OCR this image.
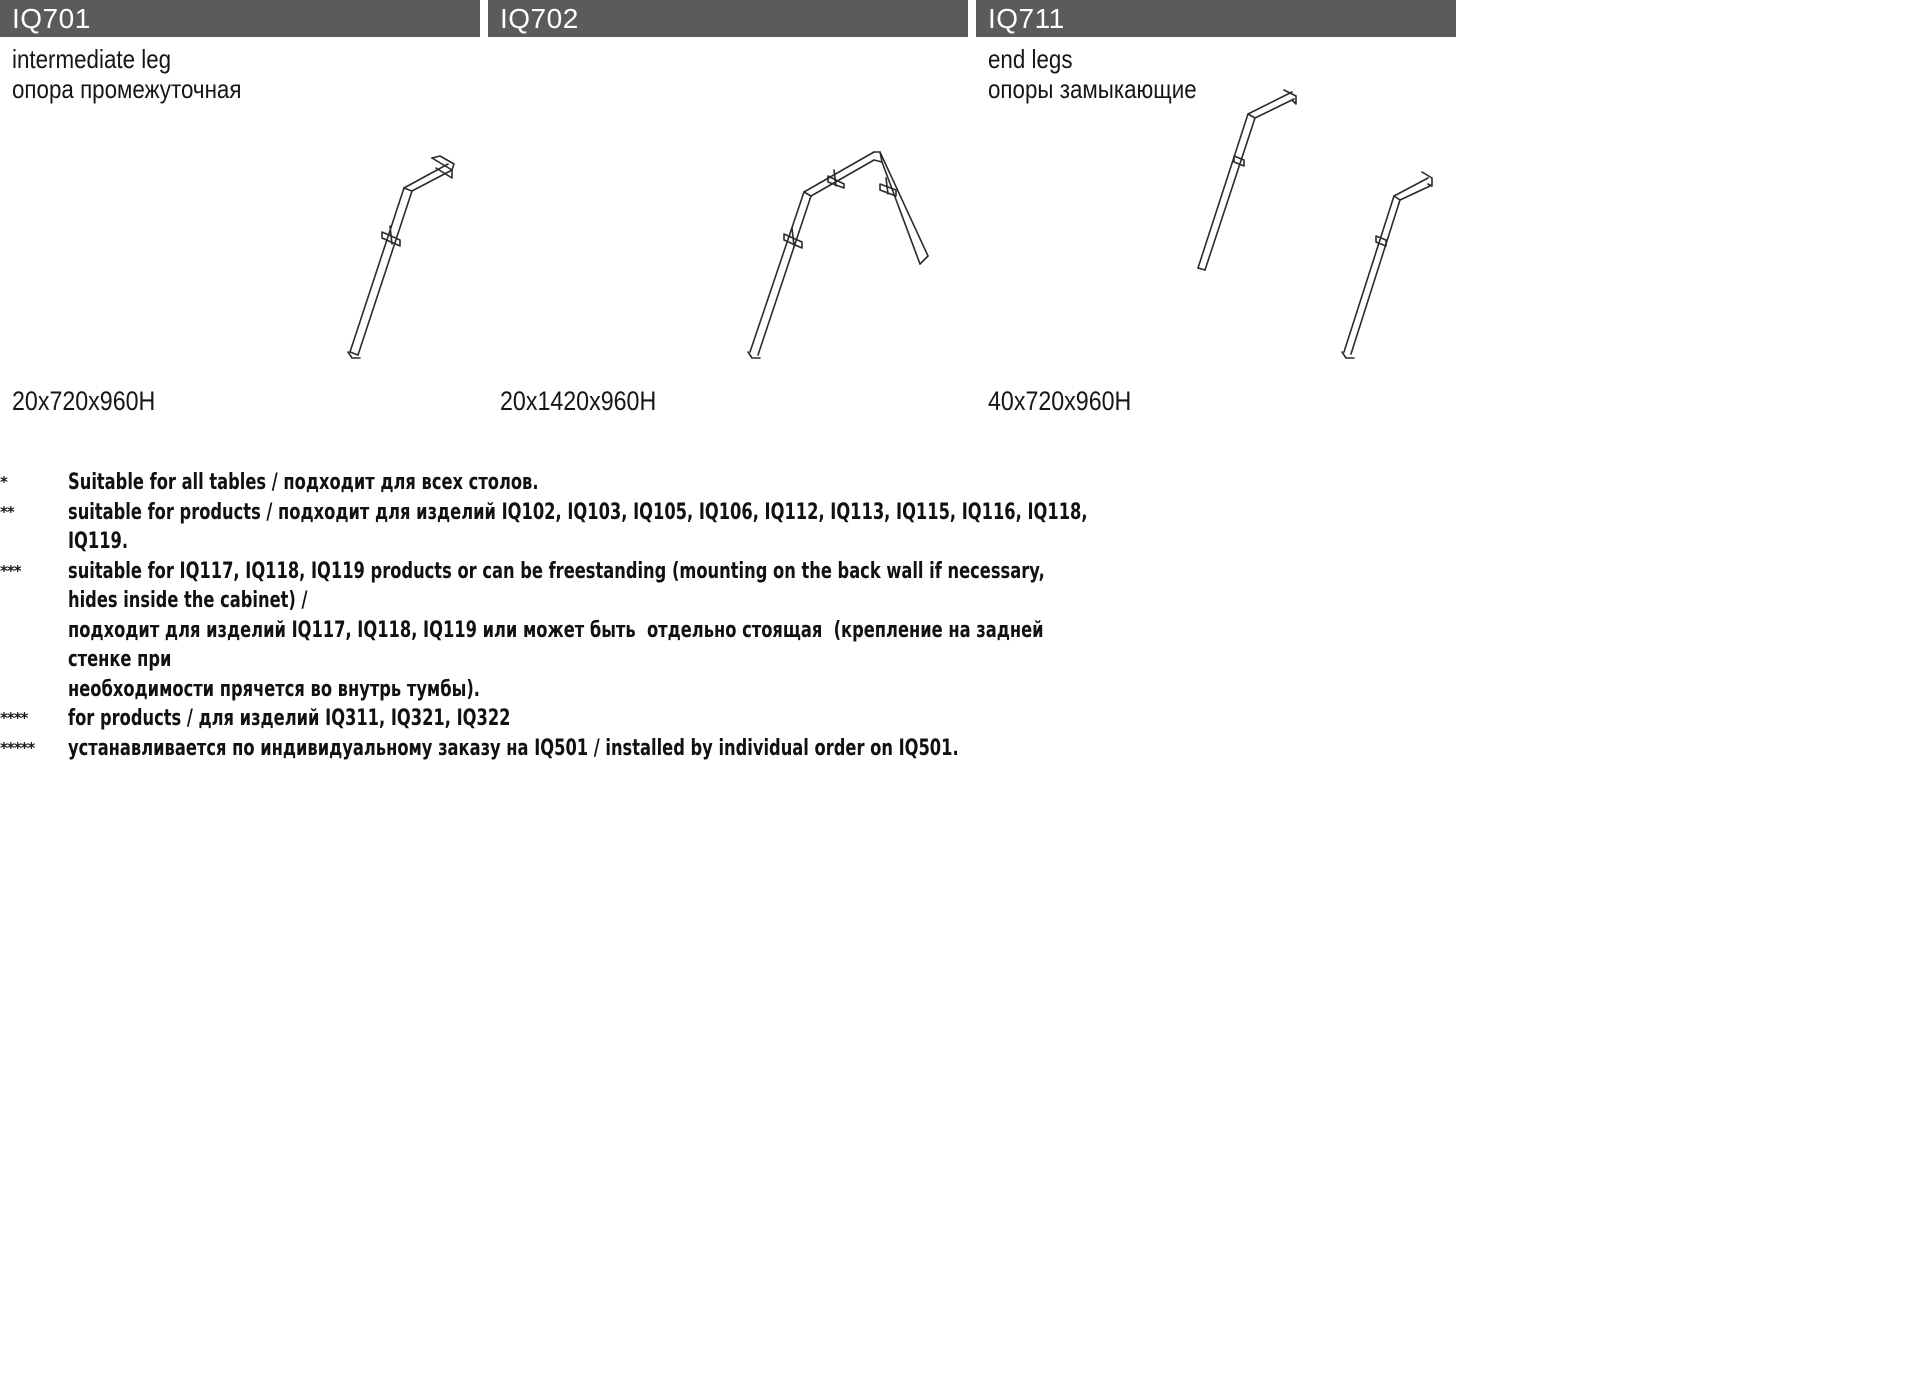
IQ701
intermediate leg
опора промежуточная
20x720x960H
IQ702
20x1420x960H
IQ711
end legs
опоры замыкающие
40x720x960H
*	Suitable for all tables / подходит для всех столов.
**	suitable for products / подходит для изделий IQ102, IQ103, IQ105, IQ106, IQ112, IQ113, IQ115, IQ116, IQ118, IQ119.
***	suitable for IQ117, IQ118, IQ119 products or can be freestanding (mounting on the back wall if necessary, hides inside the cabinet) /
подходит для изделий IQ117, IQ118, IQ119 или может быть  отдельно стоящая  (крепление на задней стенке при
необходимости прячется во внутрь тумбы).
****	for products / для изделий IQ311, IQ321, IQ322
*****	устанавливается по индивидуальному заказу на IQ501 / installed by individual order on IQ501.
